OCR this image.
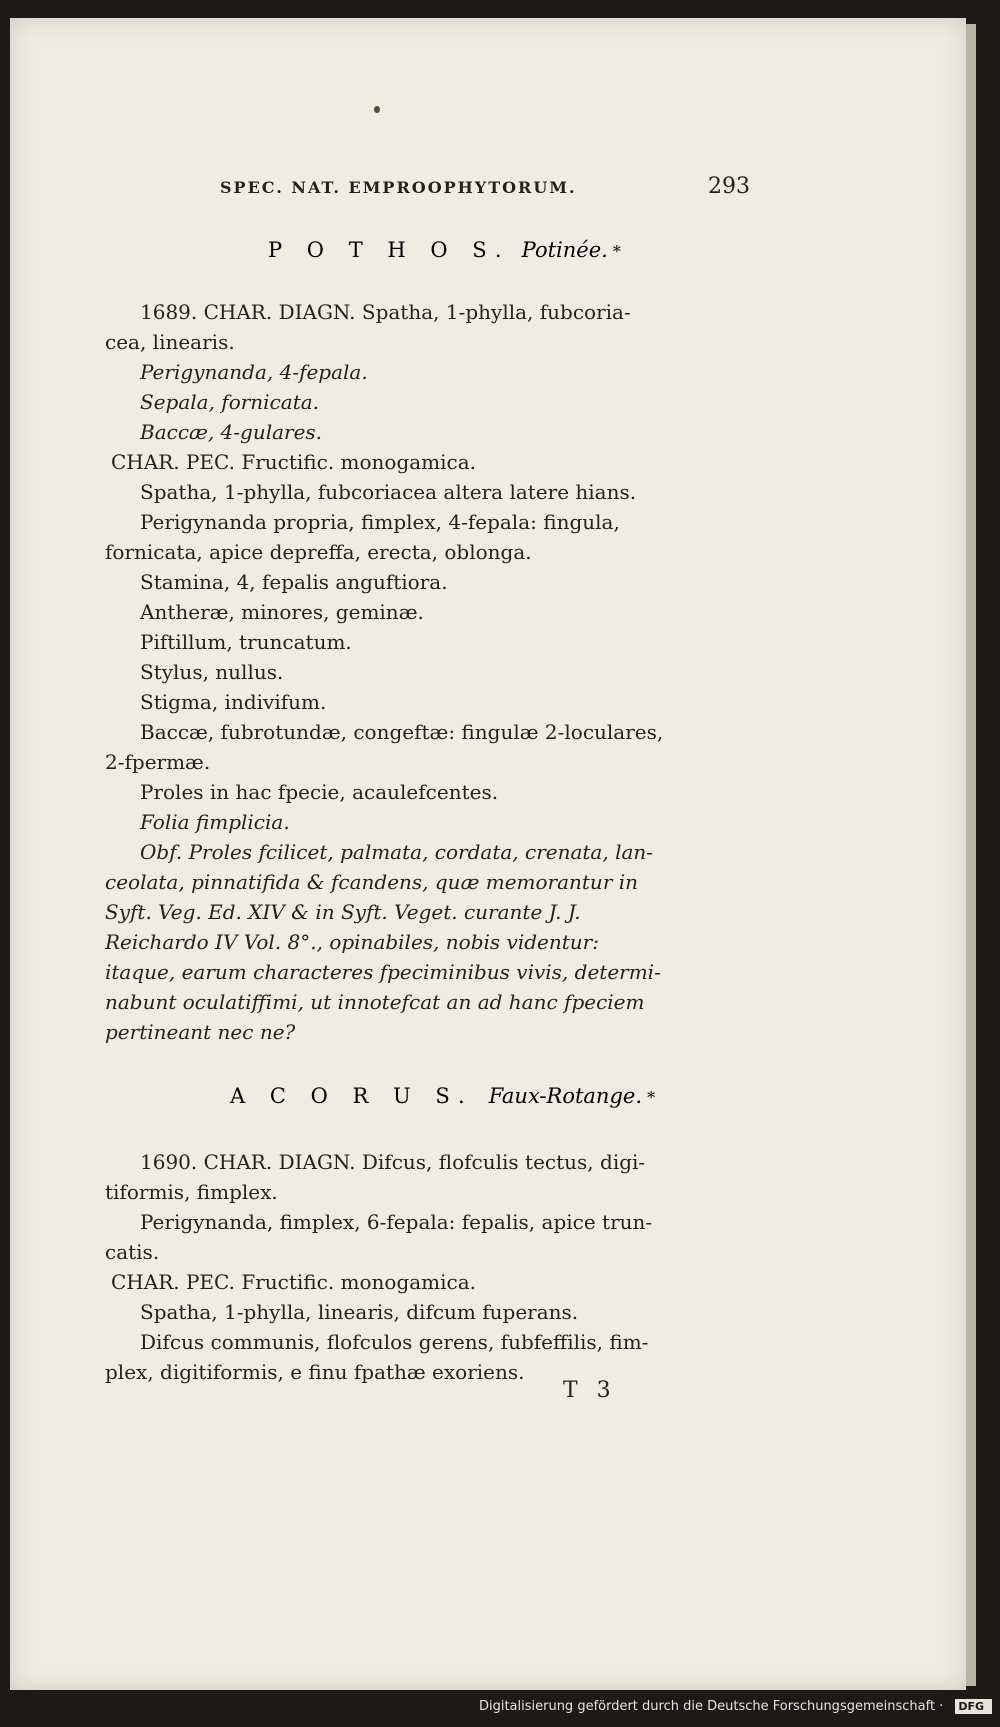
SPEC. NAT. EMPROOPHYTORUM.	293
P O T H O S. Potinée. *
1689. CHAR. DIAGN. Spatha, 1-phylla, fubcoria-
cea, linearis.
Perigynanda, 4-fepala.
Sepala, fornicata.
Baccæ, 4-gulares.
CHAR. PEC. Fructific. monogamica.
Spatha, 1-phylla, fubcoriacea altera latere hians.
Perigynanda propria, fimplex, 4-fepala: fingula,
fornicata, apice depreffa, erecta, oblonga.
Stamina, 4, fepalis anguftiora.
Antheræ, minores, geminæ.
Piftillum, truncatum.
Stylus, nullus.
Stigma, indivifum.
Baccæ, fubrotundæ, congeftæ: fingulæ 2-loculares,
2-fpermæ.
Proles in hac fpecie, acaulefcentes.
Folia fimplicia.
Obf. Proles fcilicet, palmata, cordata, crenata, lan-
ceolata, pinnatifida & fcandens, quæ memorantur in
Syft. Veg. Ed. XIV & in Syft. Veget. curante J. J.
Reichardo IV Vol. 8°., opinabiles, nobis videntur:
itaque, earum characteres fpeciminibus vivis, determi-
nabunt oculatiffimi, ut innotefcat an ad hanc fpeciem
pertineant nec ne?
A C O R U S. Faux-Rotange. *
1690. CHAR. DIAGN. Difcus, flofculis tectus, digi-
tiformis, fimplex.
Perigynanda, fimplex, 6-fepala: fepalis, apice trun-
catis.
CHAR. PEC. Fructific. monogamica.
Spatha, 1-phylla, linearis, difcum fuperans.
Difcus communis, flofculos gerens, fubfeffilis, fim-
plex, digitiformis, e finu fpathæ exoriens.
T 3
Digitalisierung gefördert durch die Deutsche Forschungsgemeinschaft · DFG
